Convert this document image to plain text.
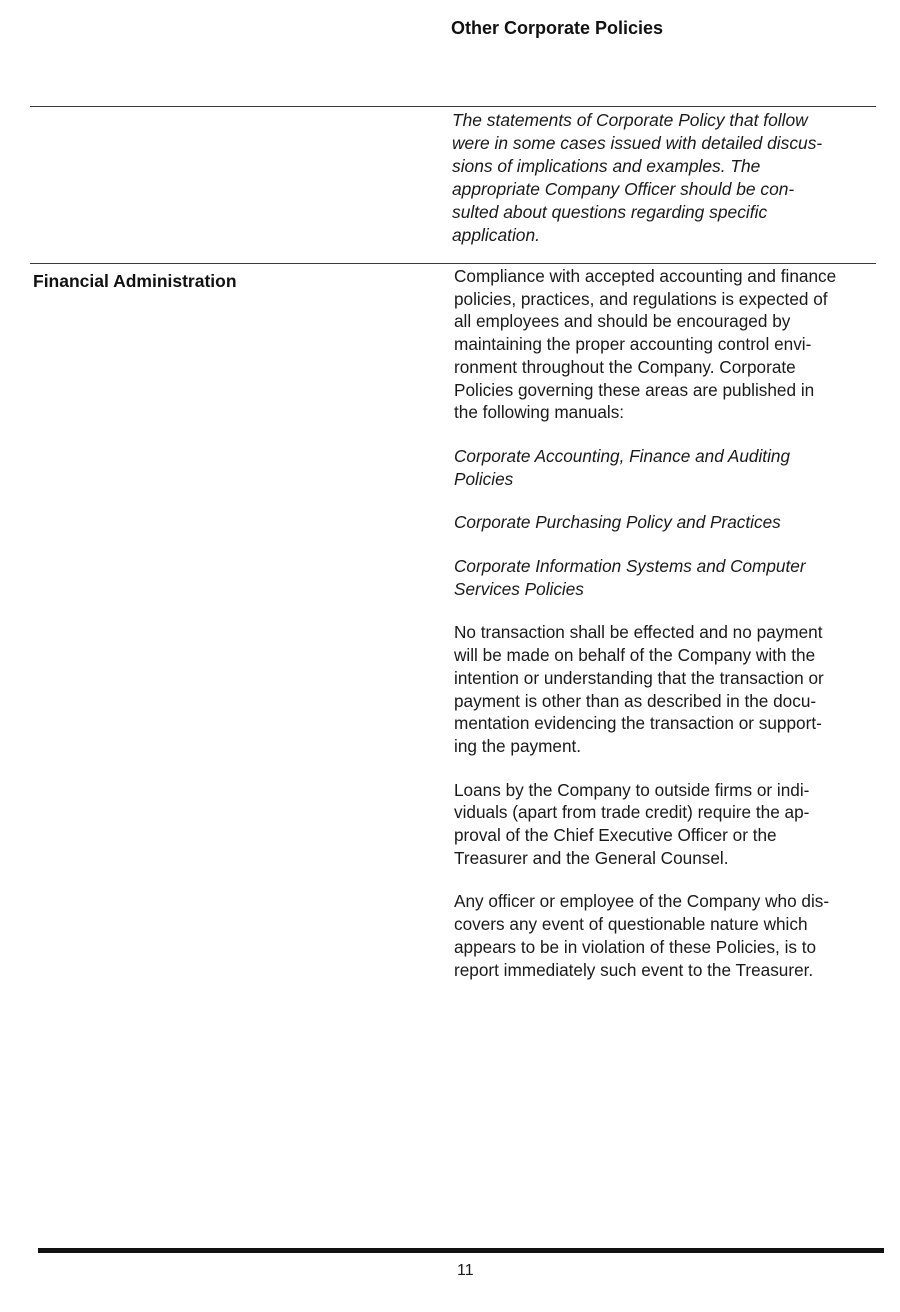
Other Corporate Policies

The statements of Corporate Policy that follow
were in some cases issued with detailed discus-
sions of implications and examples. The
appropriate Company Officer should be con-
sulted about questions regarding specific
application.

Financial Administration	Compliance with accepted accounting and finance
policies, practices, and regulations is expected of
all employees and should be encouraged by
maintaining the proper accounting control envi-
ronment throughout the Company. Corporate
Policies governing these areas are published in
the following manuals:

Corporate Accounting, Finance and Auditing
Policies

Corporate Purchasing Policy and Practices

Corporate Information Systems and Computer
Services Policies

No transaction shall be effected and no payment
will be made on behalf of the Company with the
intention or understanding that the transaction or
payment is other than as described in the docu-
mentation evidencing the transaction or support-
ing the payment.

Loans by the Company to outside firms or indi-
viduals (apart from trade credit) require the ap-
proval of the Chief Executive Officer or the
Treasurer and the General Counsel.

Any officer or employee of the Company who dis-
covers any event of questionable nature which
appears to be in violation of these Policies, is to
report immediately such event to the Treasurer.

11
